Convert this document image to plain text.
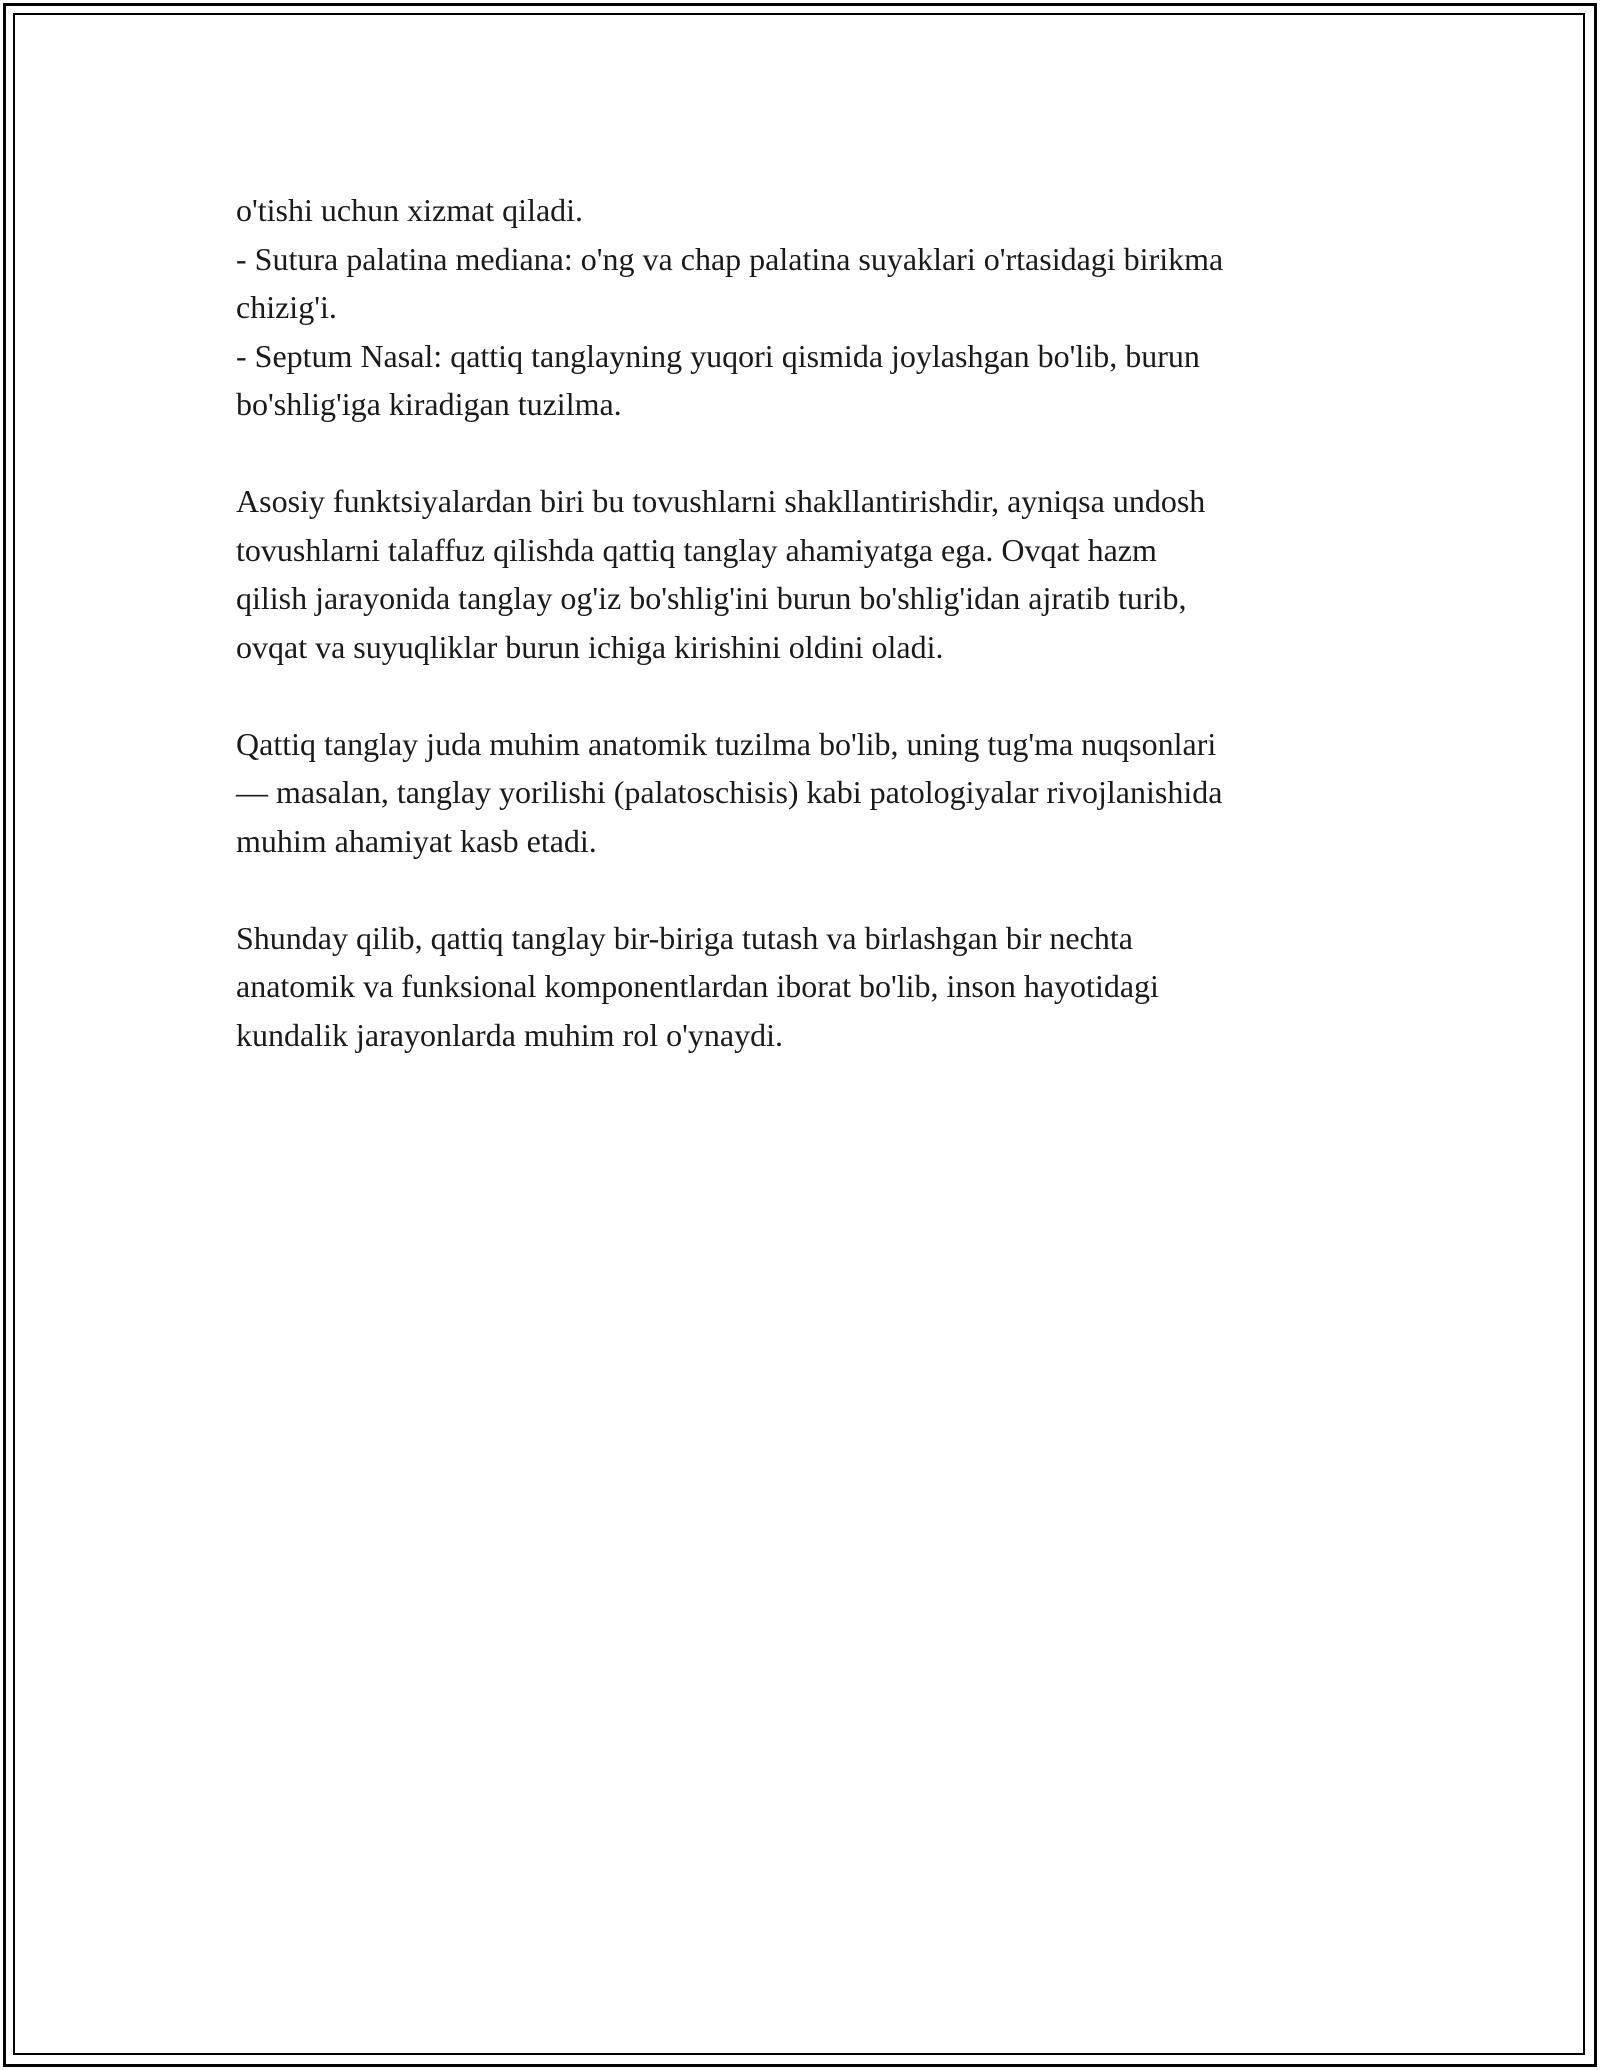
o'tishi uchun xizmat qiladi.
- Sutura palatina mediana: o'ng va chap palatina suyaklari o'rtasidagi birikma
chizig'i.
- Septum Nasal: qattiq tanglayning yuqori qismida joylashgan bo'lib, burun
bo'shlig'iga kiradigan tuzilma.
Asosiy funktsiyalardan biri bu tovushlarni shakllantirishdir, ayniqsa undosh
tovushlarni talaffuz qilishda qattiq tanglay ahamiyatga ega. Ovqat hazm
qilish jarayonida tanglay og'iz bo'shlig'ini burun bo'shlig'idan ajratib turib,
ovqat va suyuqliklar burun ichiga kirishini oldini oladi.
Qattiq tanglay juda muhim anatomik tuzilma bo'lib, uning tug'ma nuqsonlari
— masalan, tanglay yorilishi (palatoschisis) kabi patologiyalar rivojlanishida
muhim ahamiyat kasb etadi.
Shunday qilib, qattiq tanglay bir-biriga tutash va birlashgan bir nechta
anatomik va funksional komponentlardan iborat bo'lib, inson hayotidagi
kundalik jarayonlarda muhim rol o'ynaydi.
